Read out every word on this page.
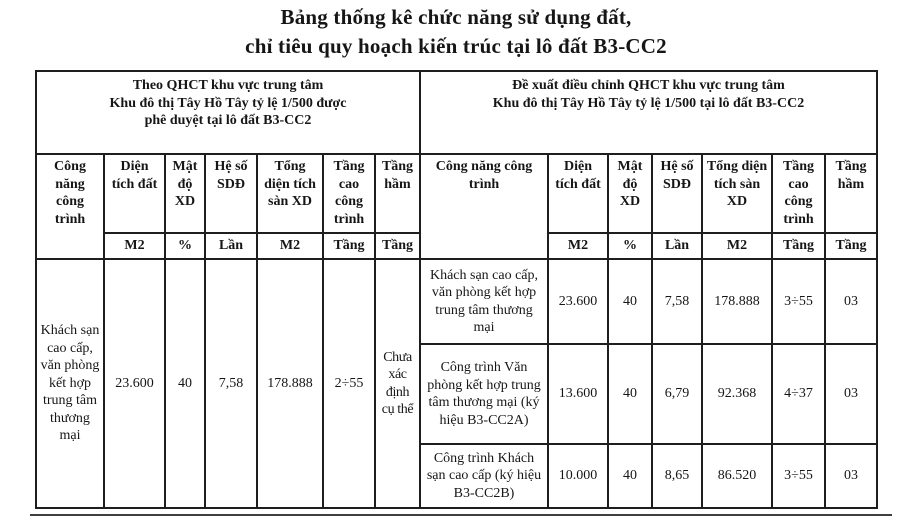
Bảng thống kê chức năng sử dụng đất,
chỉ tiêu quy hoạch kiến trúc tại lô đất B3-CC2
Theo QHCT khu vực trung tâm
Khu đô thị Tây Hồ Tây tỷ lệ 1/500 được
phê duyệt tại lô đất B3-CC2

Đề xuất điều chỉnh QHCT khu vực trung tâm
Khu đô thị Tây Hồ Tây tỷ lệ 1/500 tại lô đất B3-CC2

Công năng công trình	Diện tích đất	Mật độ XD	Hệ số SDĐ	Tổng diện tích sàn XD	Tầng cao công trình	Tầng hầm	Công năng công trình	Diện tích đất	Mật độ XD	Hệ số SDĐ	Tổng diện tích sàn XD	Tầng cao công trình	Tầng hầm
	M2	%	Lần	M2	Tầng	Tầng		M2	%	Lần	M2	Tầng	Tầng
Khách sạn cao cấp, văn phòng kết hợp trung tâm thương mại	23.600	40	7,58	178.888	2÷55	Chưa xác định cụ thể	Khách sạn cao cấp, văn phòng kết hợp trung tâm thương mại	23.600	40	7,58	178.888	3÷55	03
							Công trình Văn phòng kết hợp trung tâm thương mại (ký hiệu B3-CC2A)	13.600	40	6,79	92.368	4÷37	03
							Công trình Khách sạn cao cấp (ký hiệu B3-CC2B)	10.000	40	8,65	86.520	3÷55	03
